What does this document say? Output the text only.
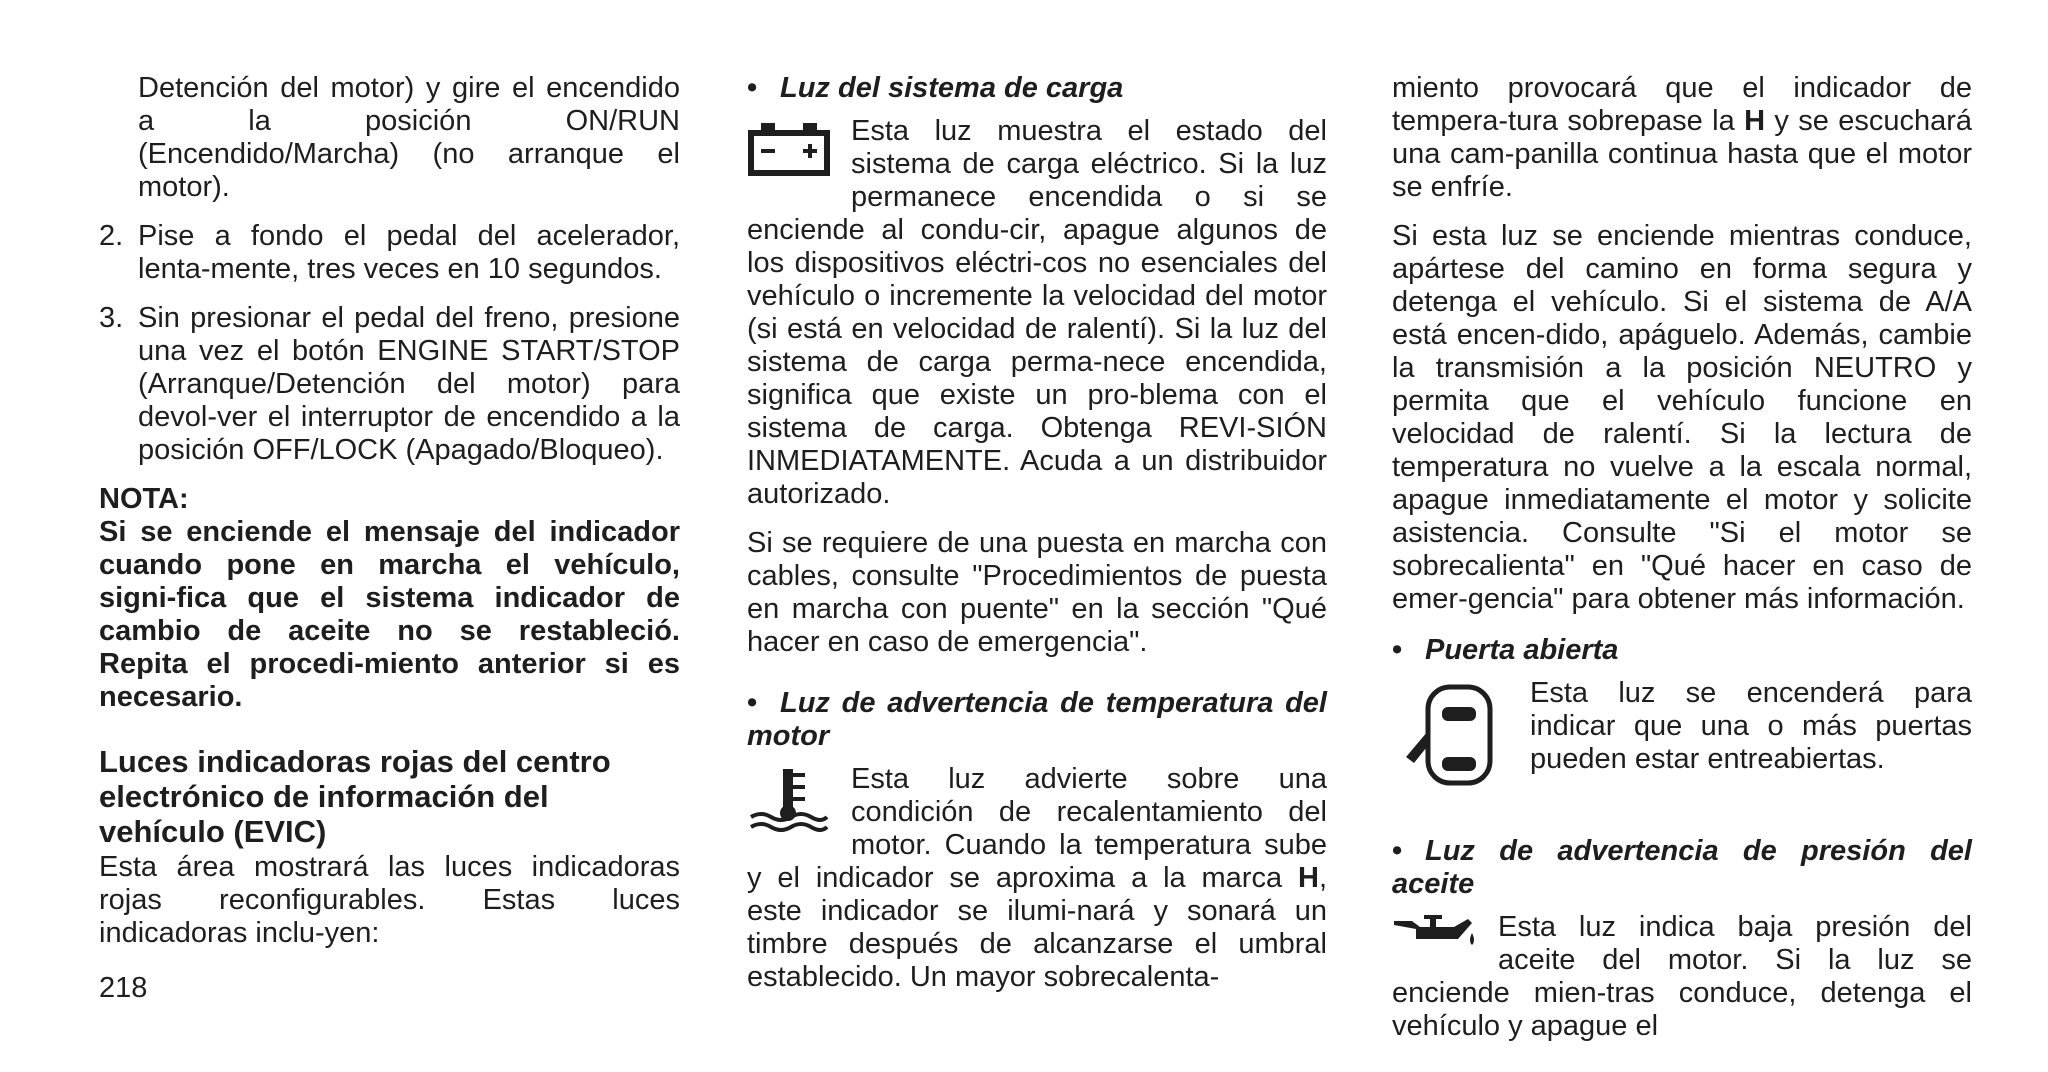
Detención del motor) y gire el encendido a la posición ON/RUN (Encendido/Marcha) (no arranque el motor).

2. Pise a fondo el pedal del acelerador, lenta-mente, tres veces en 10 segundos.
3. Sin presionar el pedal del freno, presione una vez el botón ENGINE START/STOP (Arranque/Detención del motor) para devol-ver el interruptor de encendido a la posición OFF/LOCK (Apagado/Bloqueo).

NOTA:

Si se enciende el mensaje del indicador cuando pone en marcha el vehículo, signi-fica que el sistema indicador de cambio de aceite no se restableció. Repita el procedi-miento anterior si es necesario.

Luces indicadoras rojas del centro electrónico de información del vehículo (EVIC)

Esta área mostrará las luces indicadoras rojas reconfigurables. Estas luces indicadoras inclu-yen:

• Luz del sistema de carga

Esta luz muestra el estado del sistema de carga eléctrico. Si la luz permanece encendida o si se enciende al condu-cir, apague algunos de los dispositivos eléctri-cos no esenciales del vehículo o incremente la velocidad del motor (si está en velocidad de ralentí). Si la luz del sistema de carga perma-nece encendida, significa que existe un pro-blema con el sistema de carga. Obtenga REVI-SIÓN INMEDIATAMENTE. Acuda a un distribuidor autorizado.

Si se requiere de una puesta en marcha con cables, consulte "Procedimientos de puesta en marcha con puente" en la sección "Qué hacer en caso de emergencia".

• Luz de advertencia de temperatura del motor

Esta luz advierte sobre una condición de recalentamiento del motor. Cuando la temperatura sube y el indicador se aproxima a la marca H, este indicador se ilumi-nará y sonará un timbre después de alcanzarse el umbral establecido. Un mayor sobrecalenta-

miento provocará que el indicador de tempera-tura sobrepase la H y se escuchará una cam-panilla continua hasta que el motor se enfríe.

Si esta luz se enciende mientras conduce, apártese del camino en forma segura y detenga el vehículo. Si el sistema de A/A está encen-dido, apáguelo. Además, cambie la transmisión a la posición NEUTRO y permita que el vehículo funcione en velocidad de ralentí. Si la lectura de temperatura no vuelve a la escala normal, apague inmediatamente el motor y solicite asistencia. Consulte "Si el motor se sobrecalienta" en "Qué hacer en caso de emer-gencia" para obtener más información.

• Puerta abierta

Esta luz se encenderá para indicar que una o más puertas pueden estar entreabiertas.

• Luz de advertencia de presión del aceite

Esta luz indica baja presión del aceite del motor. Si la luz se enciende mien-tras conduce, detenga el vehículo y apague el

218
